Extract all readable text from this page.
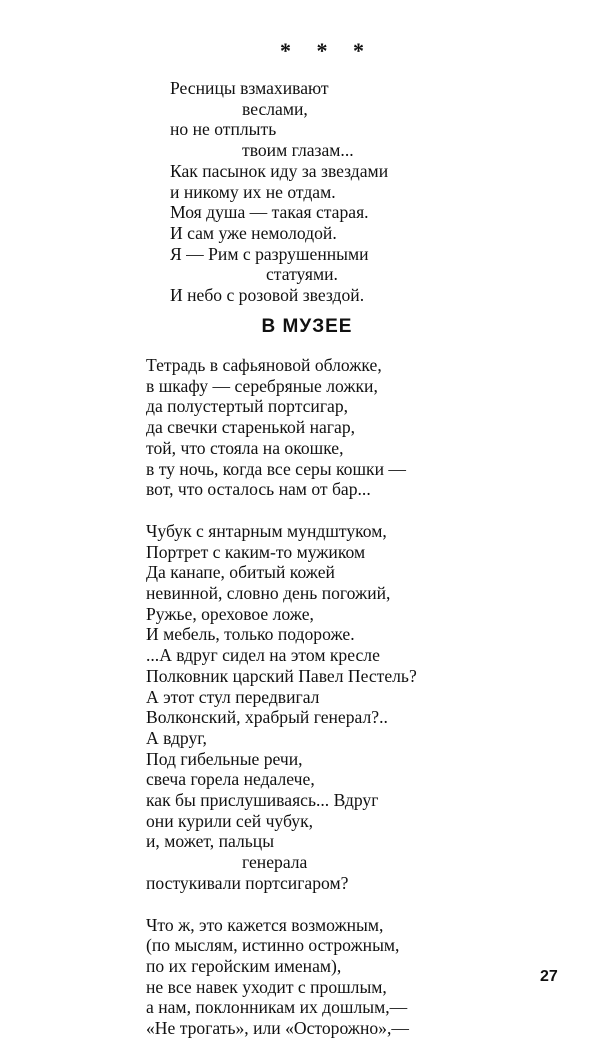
* * *
Ресницы взмахивают
веслами,
но не отплыть
твоим глазам...
Как пасынок иду за звездами
и никому их не отдам.
Моя душа — такая старая.
И сам уже немолодой.
Я — Рим с разрушенными
статуями.
И небо с розовой звездой.
В МУЗЕЕ
Тетрадь в сафьяновой обложке,
в шкафу — серебряные ложки,
да полустертый портсигар,
да свечки старенькой нагар,
той, что стояла на окошке,
в ту ночь, когда все серы кошки —
вот, что осталось нам от бар...
Чубук с янтарным мундштуком,
Портрет с каким-то мужиком
Да канапе, обитый кожей
невинной, словно день погожий,
Ружье, ореховое ложе,
И мебель, только подороже.
...А вдруг сидел на этом кресле
Полковник царский Павел Пестель?
А этот стул передвигал
Волконский, храбрый генерал?..
А вдруг,
Под гибельные речи,
свеча горела недалече,
как бы прислушиваясь... Вдруг
они курили сей чубук,
и, может, пальцы
генерала
постукивали портсигаром?
Что ж, это кажется возможным,
(по мыслям, истинно острожным,
по их геройским именам),
не все навек уходит с прошлым,
а нам, поклонникам их дошлым,—
«Не трогать», или «Осторожно»,—
27
